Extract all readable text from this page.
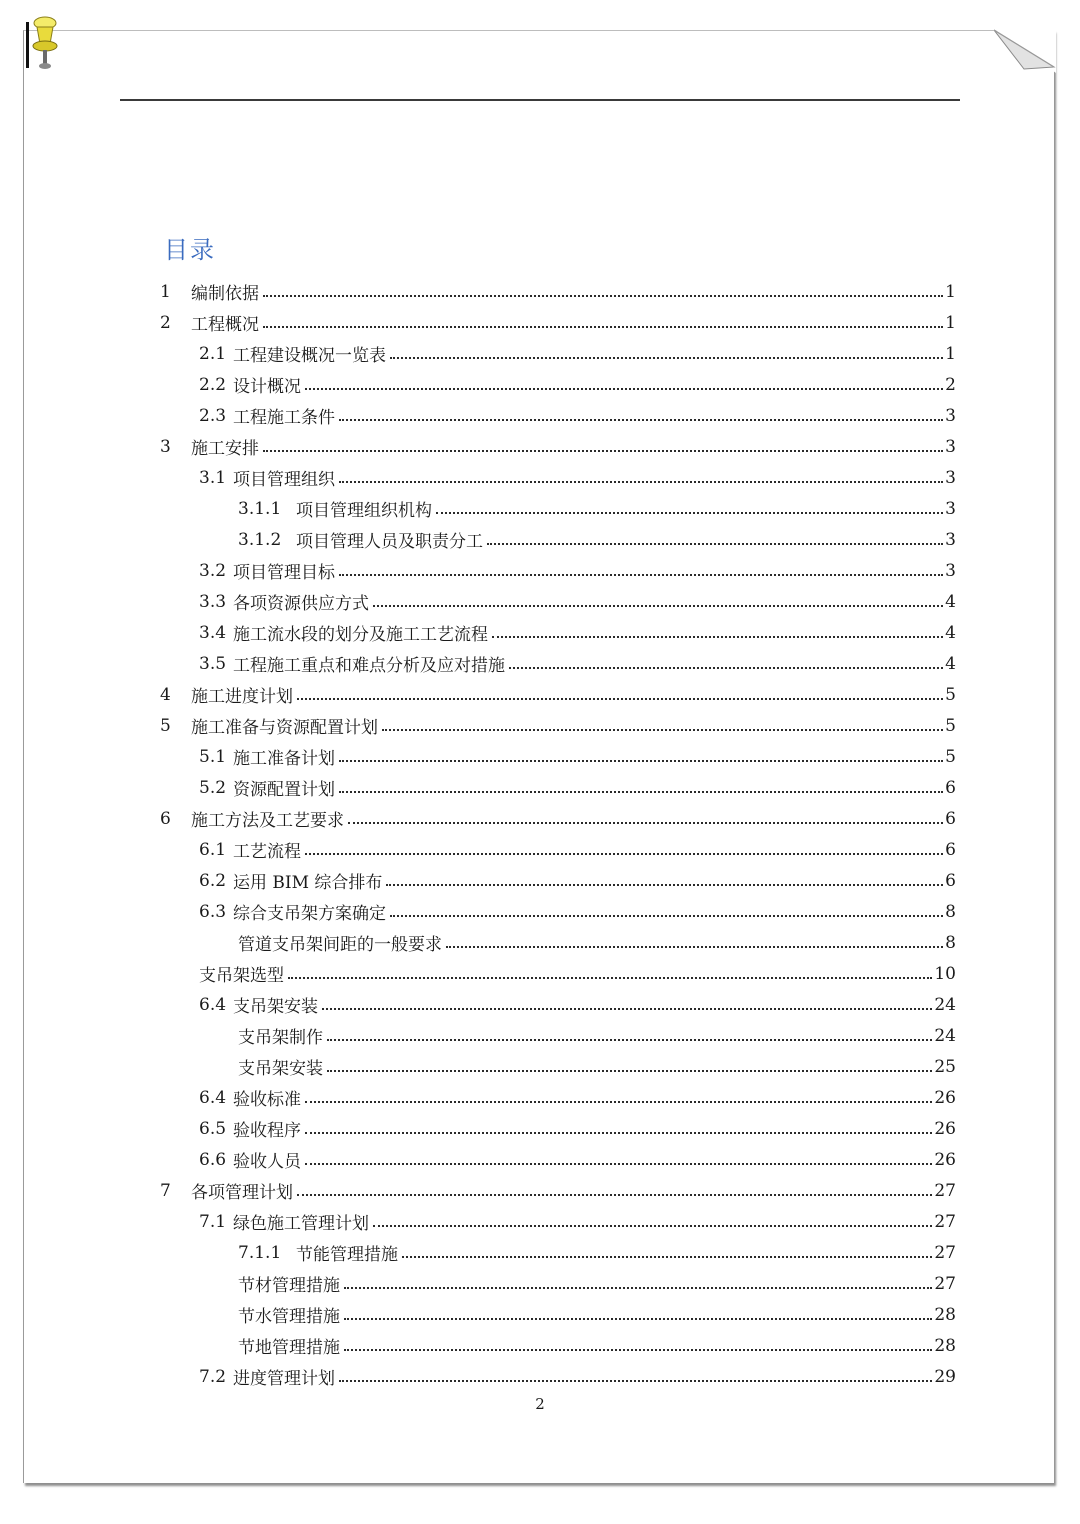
目录
1	编制依据	1
2	工程概况	1
2.1 工程建设概况一览表	1
2.2 设计概况	2
2.3 工程施工条件	3
3	施工安排	3
3.1 项目管理组织	3
3.1.1 项目管理组织机构	3
3.1.2 项目管理人员及职责分工	3
3.2 项目管理目标	3
3.3 各项资源供应方式	4
3.4 施工流水段的划分及施工工艺流程	4
3.5 工程施工重点和难点分析及应对措施	4
4	施工进度计划	5
5	施工准备与资源配置计划	5
5.1 施工准备计划	5
5.2 资源配置计划	6
6	施工方法及工艺要求	6
6.1 工艺流程	6
6.2 运用 BIM 综合排布	6
6.3 综合支吊架方案确定	8
管道支吊架间距的一般要求	8
支吊架选型	10
6.4 支吊架安装	24
支吊架制作	24
支吊架安装	25
6.4 验收标准	26
6.5 验收程序	26
6.6 验收人员	26
7	各项管理计划	27
7.1 绿色施工管理计划	27
7.1.1 节能管理措施	27
节材管理措施	27
节水管理措施	28
节地管理措施	28
7.2 进度管理计划	29
2
